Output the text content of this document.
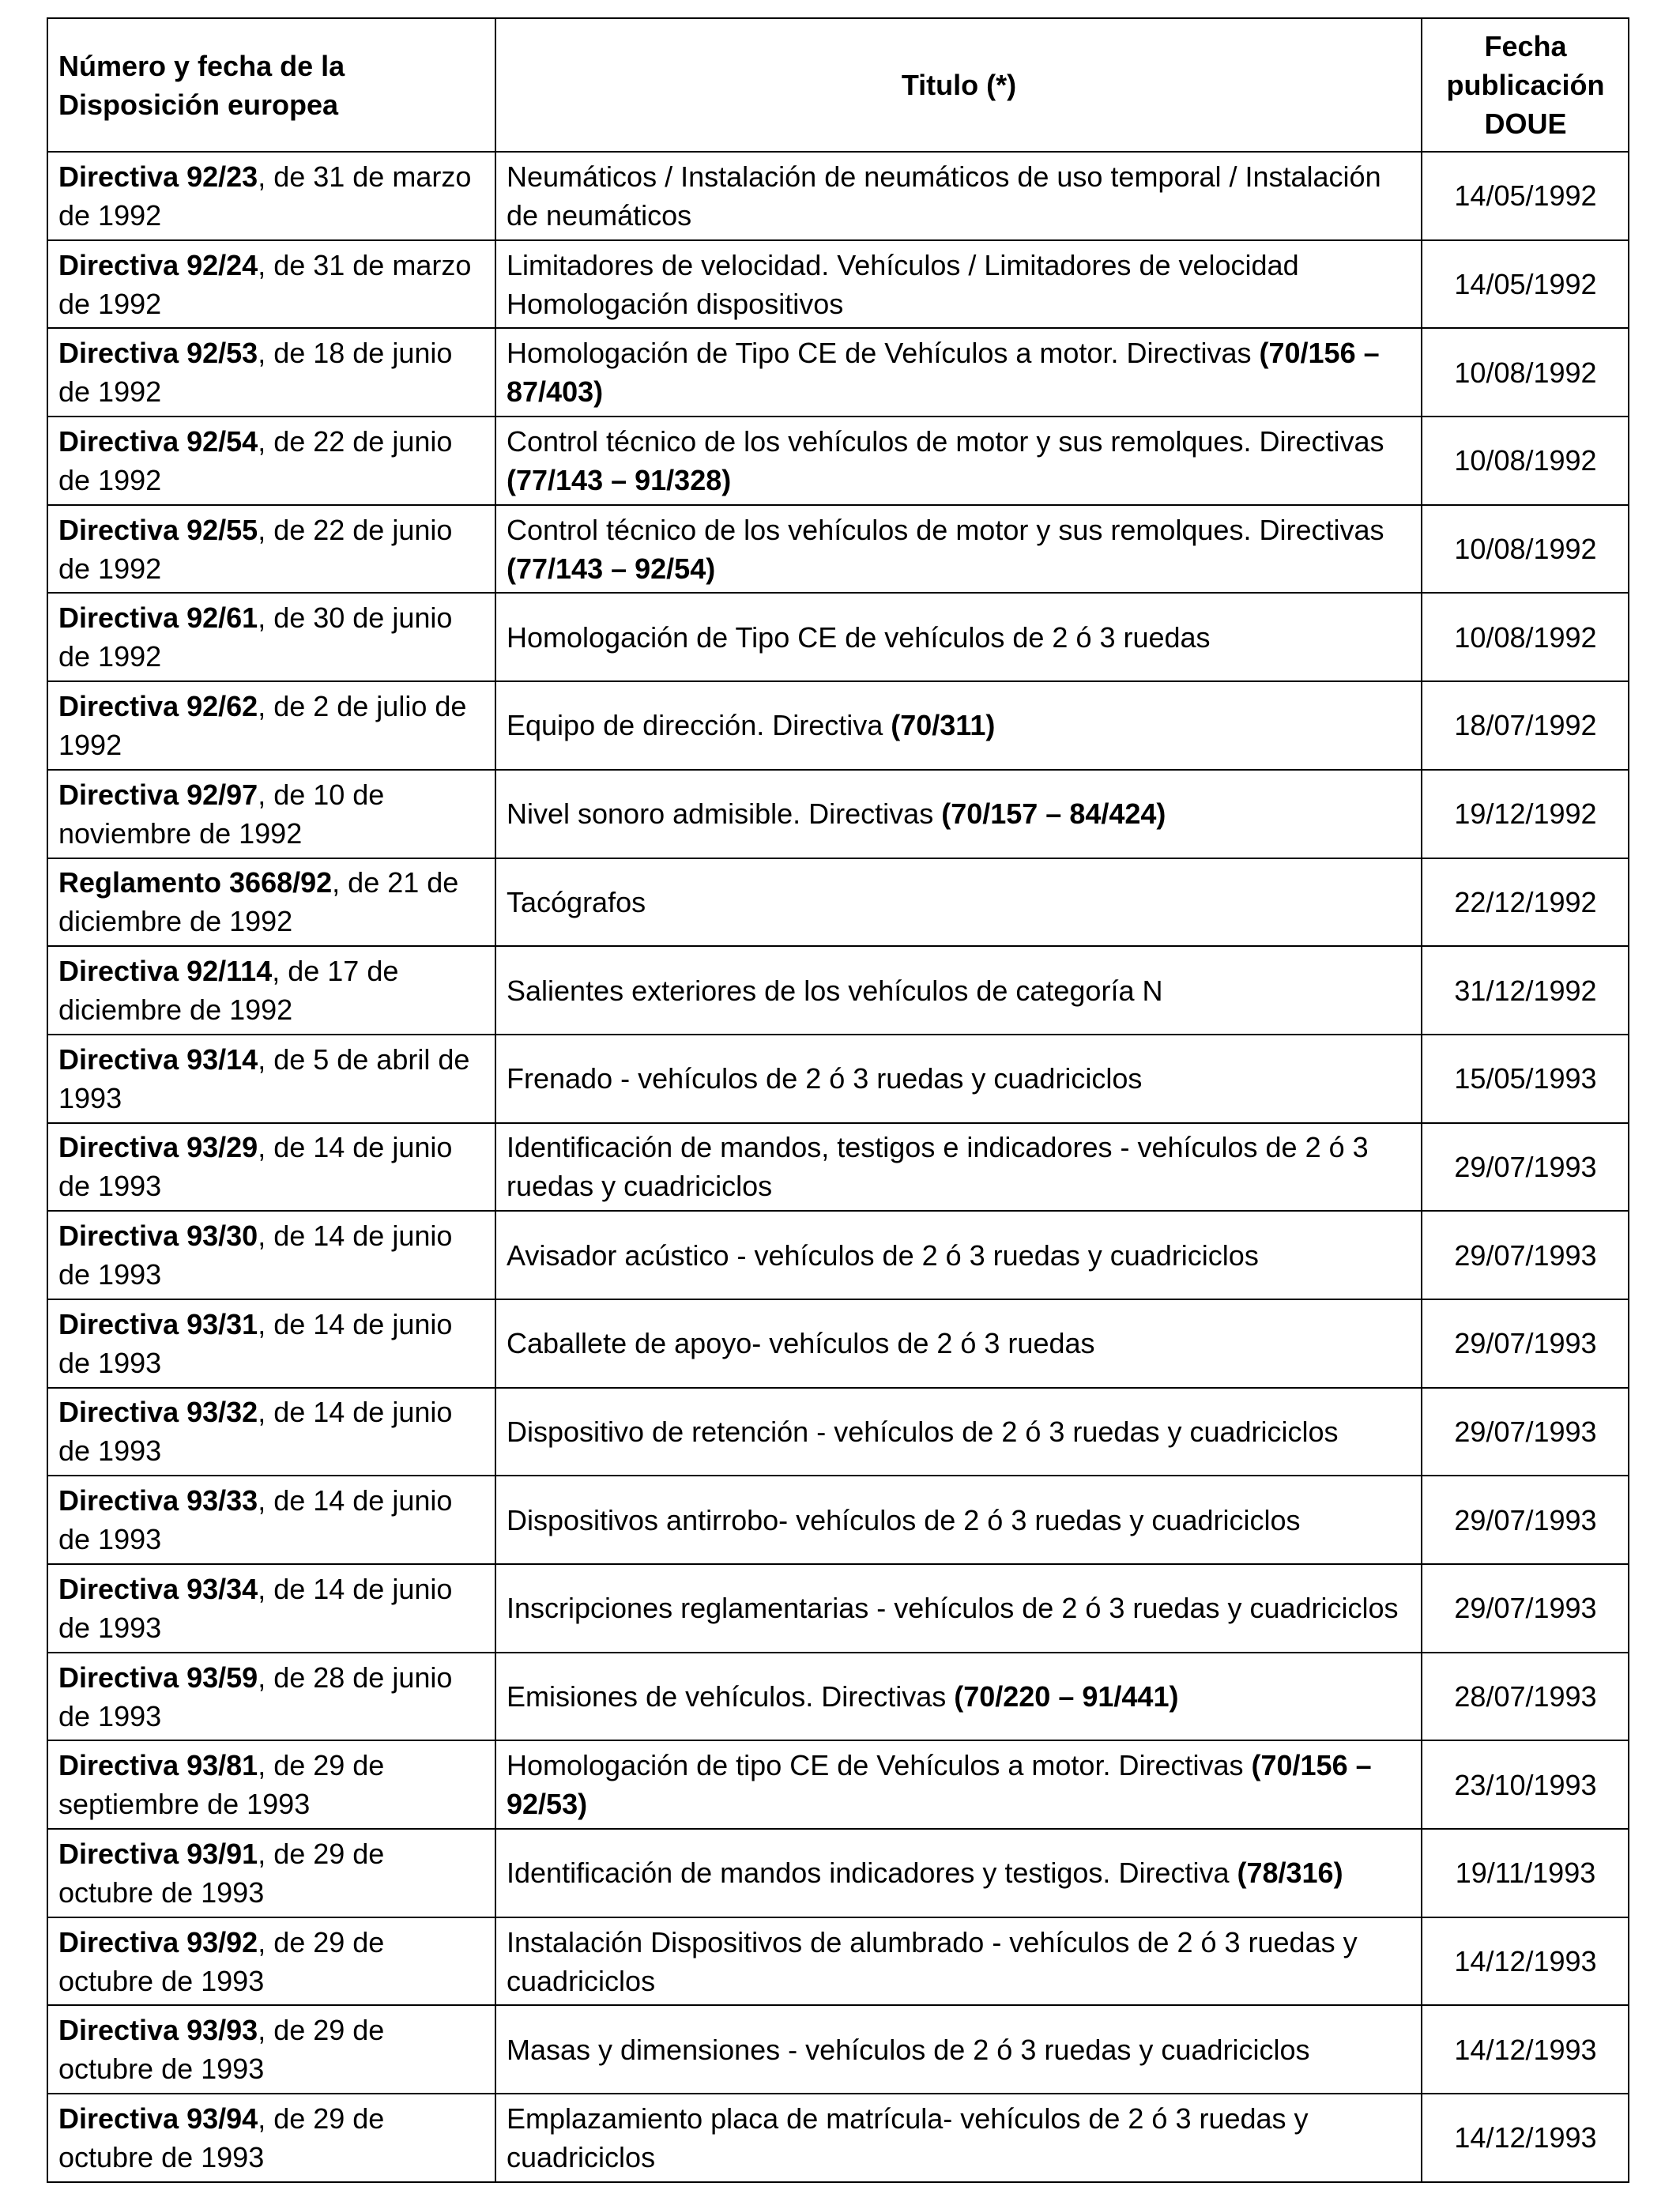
Número y fecha de la Disposición europea	Titulo (*)	Fecha publicación DOUE
Directiva 92/23, de 31 de marzo de 1992	Neumáticos / Instalación de neumáticos de uso temporal / Instalación de neumáticos	14/05/1992
Directiva 92/24, de 31 de marzo de 1992	Limitadores de velocidad. Vehículos / Limitadores de velocidad Homologación dispositivos	14/05/1992
Directiva 92/53, de 18 de junio de 1992	Homologación de Tipo CE de Vehículos a motor. Directivas (70/156 – 87/403)	10/08/1992
Directiva 92/54, de 22 de junio de 1992	Control técnico de los vehículos de motor y sus remolques. Directivas (77/143 – 91/328)	10/08/1992
Directiva 92/55, de 22 de junio de 1992	Control técnico de los vehículos de motor y sus remolques. Directivas (77/143 – 92/54)	10/08/1992
Directiva 92/61, de 30 de junio de 1992	Homologación de Tipo CE de vehículos de 2 ó 3 ruedas	10/08/1992
Directiva 92/62, de 2 de julio de 1992	Equipo de dirección. Directiva (70/311)	18/07/1992
Directiva 92/97, de 10 de noviembre de 1992	Nivel sonoro admisible. Directivas (70/157 – 84/424)	19/12/1992
Reglamento 3668/92, de 21 de diciembre de 1992	Tacógrafos	22/12/1992
Directiva 92/114, de 17 de diciembre de 1992	Salientes exteriores de los vehículos de categoría N	31/12/1992
Directiva 93/14, de 5 de abril de 1993	Frenado - vehículos de 2 ó 3 ruedas y cuadriciclos	15/05/1993
Directiva 93/29, de 14 de junio de 1993	Identificación de mandos, testigos e indicadores - vehículos de 2 ó 3 ruedas y cuadriciclos	29/07/1993
Directiva 93/30, de 14 de junio de 1993	Avisador acústico - vehículos de 2 ó 3 ruedas y cuadriciclos	29/07/1993
Directiva 93/31, de 14 de junio de 1993	Caballete de apoyo- vehículos de 2 ó 3 ruedas	29/07/1993
Directiva 93/32, de 14 de junio de 1993	Dispositivo de retención - vehículos de 2 ó 3 ruedas y cuadriciclos	29/07/1993
Directiva 93/33, de 14 de junio de 1993	Dispositivos antirrobo- vehículos de 2 ó 3 ruedas y cuadriciclos	29/07/1993
Directiva 93/34, de 14 de junio de 1993	Inscripciones reglamentarias - vehículos de 2 ó 3 ruedas y cuadriciclos	29/07/1993
Directiva 93/59, de 28 de junio de 1993	Emisiones de vehículos. Directivas (70/220 – 91/441)	28/07/1993
Directiva 93/81, de 29 de septiembre de 1993	Homologación de tipo CE de Vehículos a motor. Directivas (70/156 – 92/53)	23/10/1993
Directiva 93/91, de 29 de octubre de 1993	Identificación de mandos indicadores y testigos. Directiva (78/316)	19/11/1993
Directiva 93/92, de 29 de octubre de 1993	Instalación Dispositivos de alumbrado - vehículos de 2 ó 3 ruedas y cuadriciclos	14/12/1993
Directiva 93/93, de 29 de octubre de 1993	Masas y dimensiones - vehículos de 2 ó 3 ruedas y cuadriciclos	14/12/1993
Directiva 93/94, de 29 de octubre de 1993	Emplazamiento placa de matrícula- vehículos de 2 ó 3 ruedas y cuadriciclos	14/12/1993
